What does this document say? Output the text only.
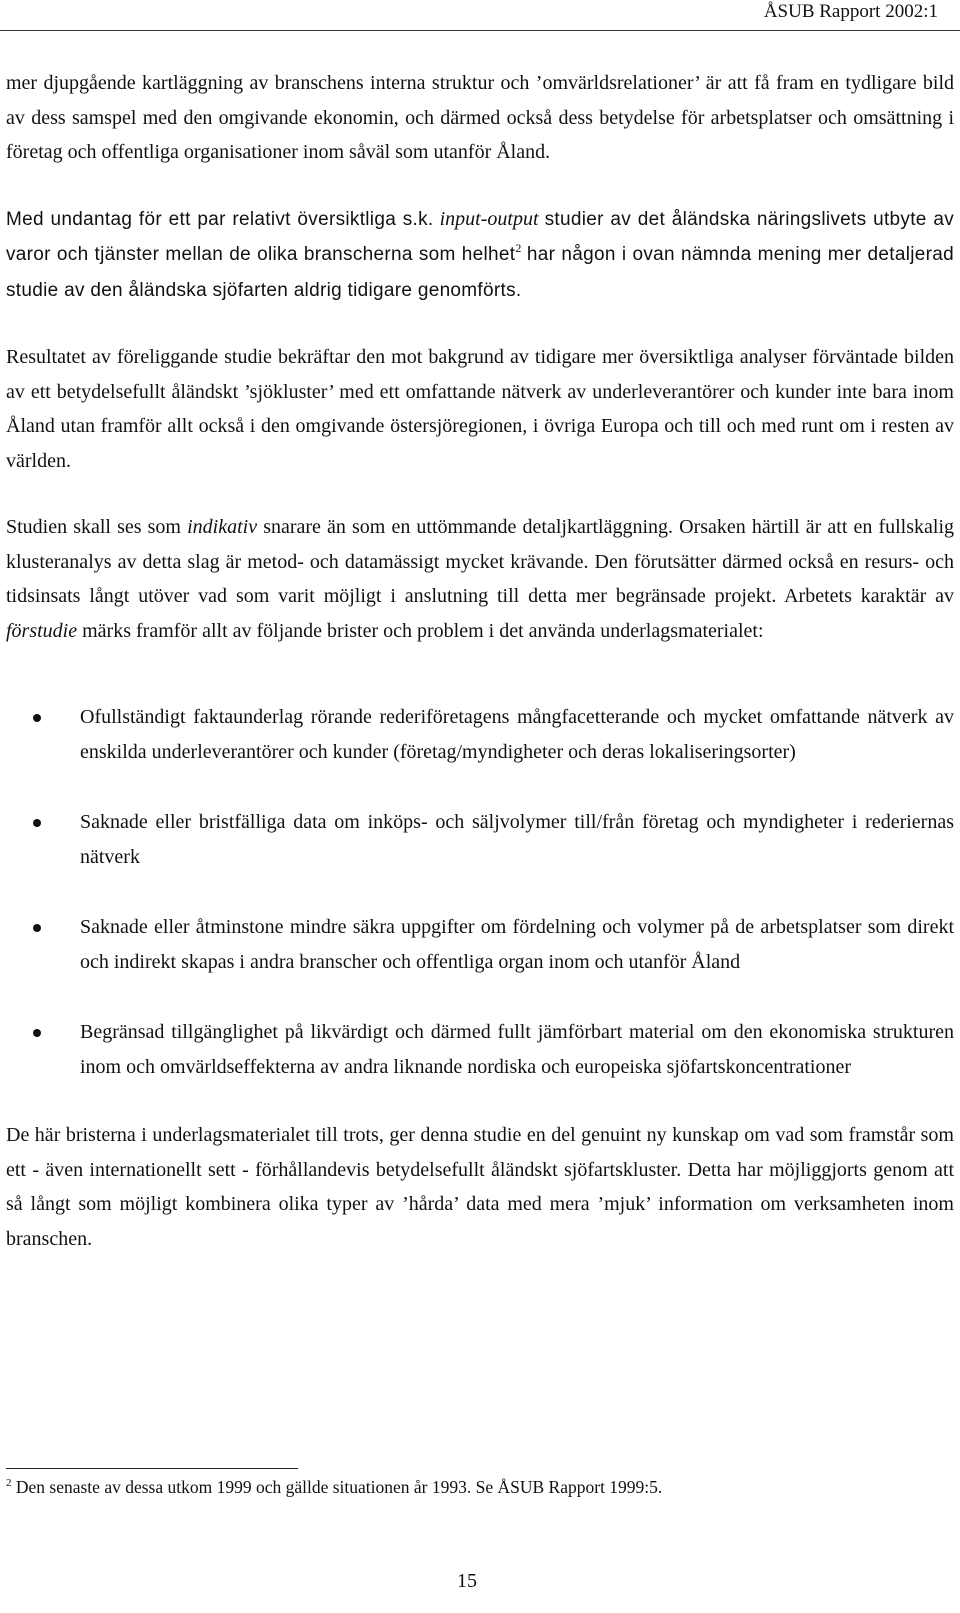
ÅSUB Rapport 2002:1

mer djupgående kartläggning av branschens interna struktur och ’omvärldsrelationer’ är att få fram en tydligare bild av dess samspel med den omgivande ekonomin, och därmed också dess betydelse för arbetsplatser och omsättning i företag och offentliga organisationer inom såväl som utanför Åland.

Med undantag för ett par relativt översiktliga s.k. input-output studier av det åländska näringslivets utbyte av varor och tjänster mellan de olika branscherna som helhet$^2$ har någon i ovan nämnda mening mer detaljerad studie av den åländska sjöfarten aldrig tidigare genomförts.

Resultatet av föreliggande studie bekräftar den mot bakgrund av tidigare mer översiktliga analyser förväntade bilden av ett betydelsefullt åländskt ’sjökluster’ med ett omfattande nätverk av underleverantörer och kunder inte bara inom Åland utan framför allt också i den omgivande östersjöregionen, i övriga Europa och till och med runt om i resten av världen.

Studien skall ses som indikativ snarare än som en uttömmande detaljkartläggning. Orsaken härtill är att en fullskalig klusteranalys av detta slag är metod- och datamässigt mycket krävande. Den förutsätter därmed också en resurs- och tidsinsats långt utöver vad som varit möjligt i anslutning till detta mer begränsade projekt. Arbetets karaktär av förstudie märks framför allt av följande brister och problem i det använda underlagsmaterialet:

Ofullständigt faktaunderlag rörande rederiföretagens mångfacetterande och mycket omfattande nätverk av enskilda underleverantörer och kunder (företag/myndigheter och deras lokaliseringsorter)
Saknade eller bristfälliga data om inköps- och säljvolymer till/från företag och myndigheter i rederiernas nätverk
Saknade eller åtminstone mindre säkra uppgifter om fördelning och volymer på de arbetsplatser som direkt och indirekt skapas i andra branscher och offentliga organ inom och utanför Åland
Begränsad tillgänglighet på likvärdigt och därmed fullt jämförbart material om den ekonomiska strukturen inom och omvärldseffekterna av andra liknande nordiska och europeiska sjöfartskoncentrationer

De här bristerna i underlagsmaterialet till trots, ger denna studie en del genuint ny kunskap om vad som framstår som ett - även internationellt sett - förhållandevis betydelsefullt åländskt sjöfartskluster. Detta har möjliggjorts genom att så långt som möjligt kombinera olika typer av ’hårda’ data med mera ’mjuk’ information om verksamheten inom branschen.

$^2$ Den senaste av dessa utkom 1999 och gällde situationen år 1993. Se ÅSUB Rapport 1999:5.
15
